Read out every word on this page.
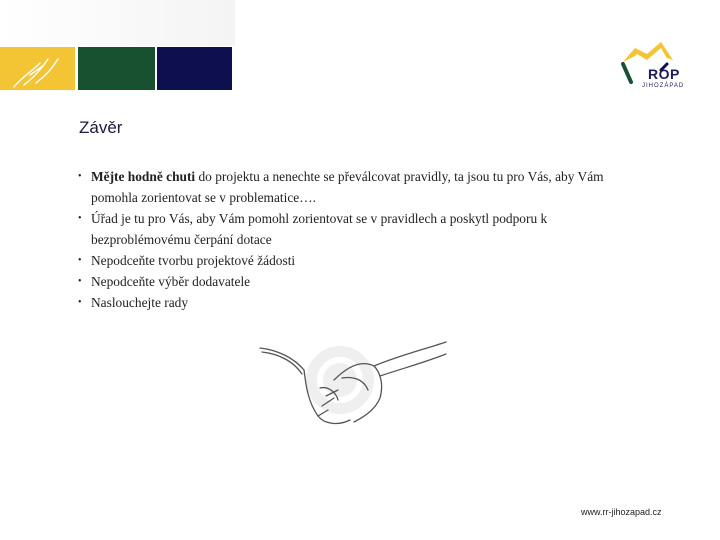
ROP
JIHOZÁPAD
Závěr
• Mějte hodně chuti do projektu a nenechte se převálcovat pravidly, ta jsou tu pro Vás, aby Vám pomohla zorientovat se v problematice….
• Úřad je tu pro Vás, aby Vám pomohl zorientovat se v pravidlech a poskytl podporu k bezproblémovému čerpání dotace
• Nepodceňte tvorbu projektové žádosti
• Nepodceňte výběr dodavatele
• Naslouchejte rady
www.rr-jihozapad.cz
